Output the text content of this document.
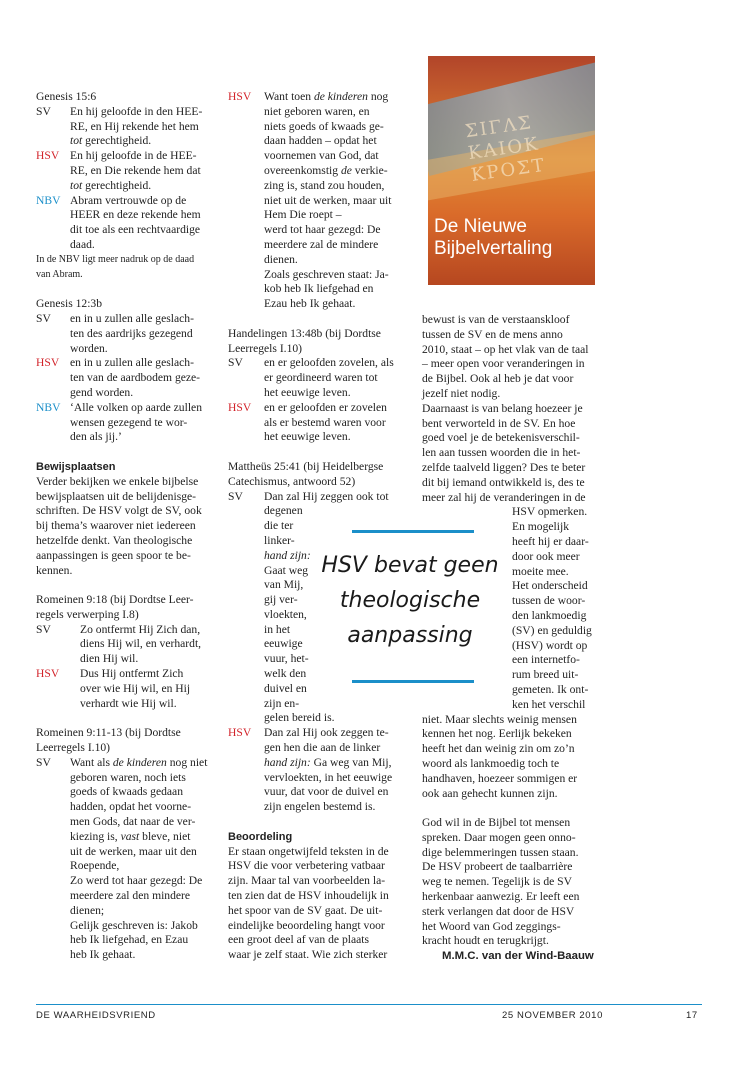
Genesis 15:6

SV	En hij geloofde in den HEE-
RE, en Hij rekende het hem
tot gerechtigheid.
HSV En hij geloofde in de HEE-
RE, en Die rekende hem dat
tot gerechtigheid.
NBV Abram vertrouwde op de
HEER en deze rekende hem
dit toe als een rechtvaardige
daad.

In de NBV ligt meer nadruk op de daad

van Abram.

Genesis 12:3b

SV	en in u zullen alle geslach-
ten des aardrijks gezegend
worden.
HSV en in u zullen alle geslach-
ten van de aardbodem geze-
gend worden.
NBV ‘Alle volken op aarde zullen
wensen gezegend te wor-
den als jij.’

Bewijsplaatsen

Verder bekijken we enkele bijbelse

bewijsplaatsen uit de belijdenisge-

schriften. De HSV volgt de SV, ook

bij thema’s waarover niet iedereen

hetzelfde denkt. Van theologische

aanpassingen is geen spoor te be-

kennen.

Romeinen 9:18 (bij Dordtse Leer-

regels verwerping I.8)

SV	Zo ontfermt Hij Zich dan,
diens Hij wil, en verhardt,
dien Hij wil.
HSV	Dus Hij ontfermt Zich
over wie Hij wil, en Hij
verhardt wie Hij wil.

Romeinen 9:11-13 (bij Dordtse

Leerregels I.10)

SV	Want als de kinderen nog niet
geboren waren, noch iets
goeds of kwaads gedaan
hadden, opdat het voorne-
men Gods, dat naar de ver-
kiezing is, vast bleve, niet
uit de werken, maar uit den
Roepende,
Zo werd tot haar gezegd: De
meerdere zal den mindere
dienen;
Gelijk geschreven is: Jakob
heb Ik liefgehad, en Ezau
heb Ik gehaat.
HSV	Want toen de kinderen nog
niet geboren waren, en
niets goeds of kwaads ge-
daan hadden – opdat het
voornemen van God, dat
overeenkomstig de verkie-
zing is, stand zou houden,
niet uit de werken, maar uit
Hem Die roept –
werd tot haar gezegd: De
meerdere zal de mindere
dienen.
Zoals geschreven staat: Ja-
kob heb Ik liefgehad en
Ezau heb Ik gehaat.

Handelingen 13:48b (bij Dordtse

Leerregels I.10)

SV	en er geloofden zovelen, als
er geordineerd waren tot
het eeuwige leven.
HSV	en er geloofden er zovelen
als er bestemd waren voor
het eeuwige leven.

Mattheüs 25:41 (bij Heidelbergse

Catechismus, antwoord 52)

SV	Dan zal Hij zeggen ook tot
degenen
die ter
linker-
hand zijn:
Gaat weg
van Mij,
gij ver-
vloekten,
in het
eeuwige
vuur, het-
welk den
duivel en
zijn en-
gelen bereid is.
HSV	Dan zal Hij ook zeggen te-
gen hen die aan de linker
hand zijn: Ga weg van Mij,
vervloekten, in het eeuwige
vuur, dat voor de duivel en
zijn engelen bestemd is.

Beoordeling

Er staan ongetwijfeld teksten in de

HSV die voor verbetering vatbaar

zijn. Maar tal van voorbeelden la-

ten zien dat de HSV inhoudelijk in

het spoor van de SV gaat. De uit-

eindelijke beoordeling hangt voor

een groot deel af van de plaats

waar je zelf staat. Wie zich sterker

ΣΙΓΛΣ
ΚΑΙΟΚ
ΚΡΟΣΤ
De Nieuwe
Bijbelvertaling

bewust is van de verstaanskloof

tussen de SV en de mens anno

2010, staat – op het vlak van de taal

– meer open voor veranderingen in

de Bijbel. Ook al heb je dat voor

jezelf niet nodig.

Daarnaast is van belang hoezeer je

bent verworteld in de SV. En hoe

goed voel je de betekenisverschil-

len aan tussen woorden die in het-

zelfde taalveld liggen? Des te beter

dit bij iemand ontwikkeld is, des te

meer zal hij de veranderingen in de

HSV opmerken.

En mogelijk

heeft hij er daar-

door ook meer

moeite mee.

Het onderscheid

tussen de woor-

den lankmoedig

(SV) en geduldig

(HSV) wordt op

een internetfo-

rum breed uit-

gemeten. Ik ont-

ken het verschil

niet. Maar slechts weinig mensen

kennen het nog. Eerlijk bekeken

heeft het dan weinig zin om zo’n

woord als lankmoedig toch te

handhaven, hoezeer sommigen er

ook aan gehecht kunnen zijn.

God wil in de Bijbel tot mensen

spreken. Daar mogen geen onno-

dige belemmeringen tussen staan.

De HSV probeert de taalbarrière

weg te nemen. Tegelijk is de SV

herkenbaar aanwezig. Er leeft een

sterk verlangen dat door de HSV

het Woord van God zeggings-

kracht houdt en terugkrijgt.

M.M.C. van der Wind-Baauw

HSV bevat geen
theologische
aanpassing
DE WAARHEIDSVRIEND	25 NOVEMBER 2010	17
